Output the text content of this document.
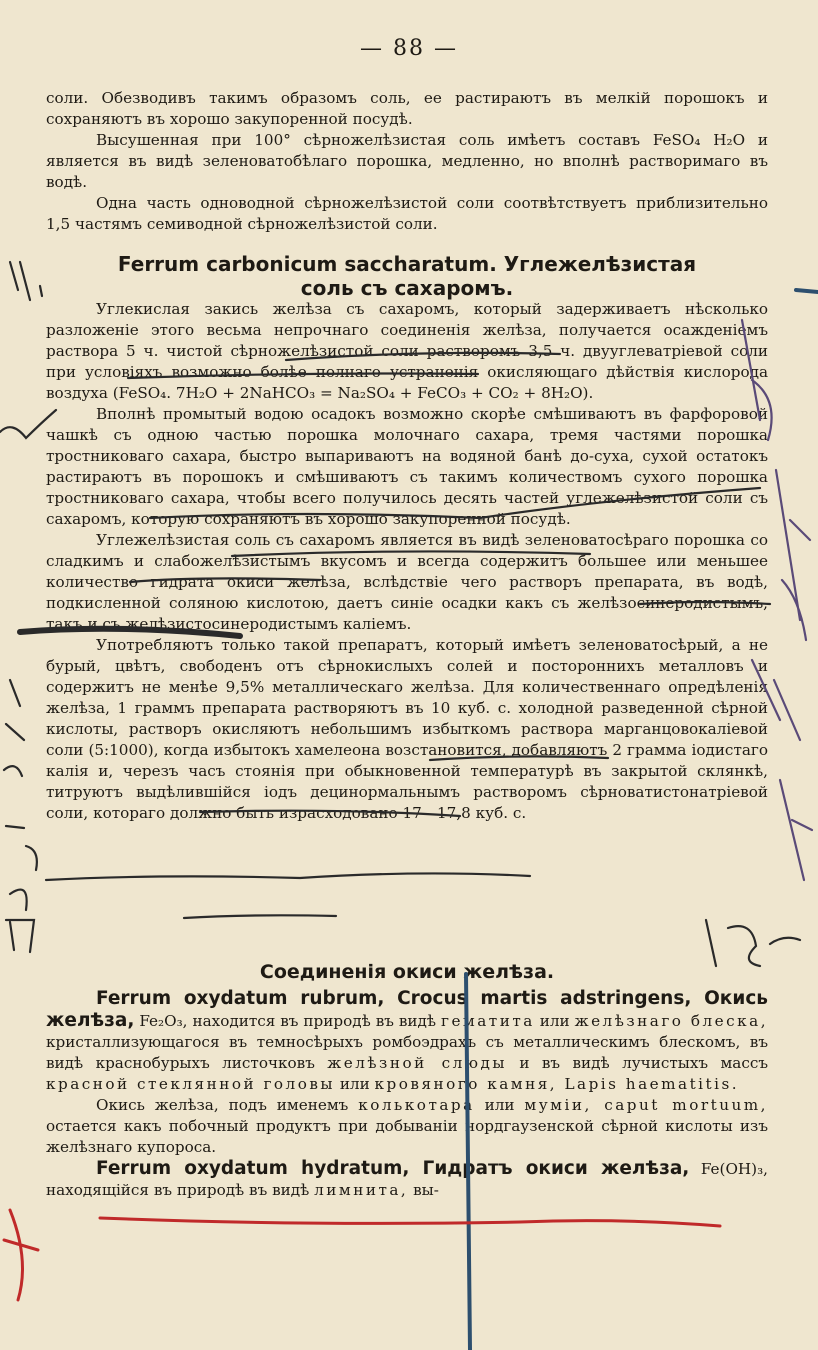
— 88 —

соли. Обезводивъ такимъ образомъ соль, ее растираютъ въ мелкій порошокъ и сохраняютъ въ хорошо закупоренной посудѣ.

Высушенная при 100° сѣрножелѣзистая соль имѣетъ составъ FeSO₄ H₂O и является въ видѣ зеленоватобѣлаго порошка, медленно, но вполнѣ растворимаго въ водѣ.

Одна часть одноводной сѣрножелѣзистой соли соотвѣтствуетъ приблизительно 1,5 частямъ семиводной сѣрножелѣзистой соли.

Ferrum carbonicum saccharatum. Углежелѣзистая
соль съ сахаромъ.

Углекислая закись желѣза съ сахаромъ, который задерживаетъ нѣсколько разложеніе этого весьма непрочнаго соединенія желѣза, получается осажденіемъ раствора 5 ч. чистой сѣрножелѣзистой соли растворомъ 3,5 ч. двууглеватріевой соли при условіяхъ возможно болѣе полнаго устраненія окисляющаго дѣйствія кислорода воздуха (FeSO₄. 7H₂O + 2NaHCO₃ = Na₂SO₄ + FeCO₃ + CO₂ + 8H₂O).

Вполнѣ промытый водою осадокъ возможно скорѣе смѣшиваютъ въ фарфоровой чашкѣ съ одною частью порошка молочнаго сахара, тремя частями порошка тростниковаго сахара, быстро выпариваютъ на водяной банѣ до-суха, сухой остатокъ растираютъ въ порошокъ и смѣшиваютъ съ такимъ количествомъ сухого порошка тростниковаго сахара, чтобы всего получилось десять частей углежелѣзистой соли съ сахаромъ, которую сохраняютъ въ хорошо закупоренной посудѣ.

Углежелѣзистая соль съ сахаромъ является въ видѣ зеленоватосѣраго порошка со сладкимъ и слабожелѣзистымъ вкусомъ и всегда содержитъ большее или меньшее количество гидрата окиси желѣза, вслѣдствіе чего растворъ препарата, въ водѣ, подкисленной соляною кислотою, даетъ синіе осадки какъ съ желѣзосинеродистымъ, такъ и съ желѣзистосинеродистымъ каліемъ.

Употребляютъ только такой препаратъ, который имѣетъ зеленоватосѣрый, а не бурый, цвѣтъ, свободенъ отъ сѣрнокислыхъ солей и постороннихъ металловъ и содержитъ не менѣе 9,5% металлическаго желѣза. Для количественнаго опредѣленія желѣза, 1 граммъ препарата растворяютъ въ 10 куб. с. холодной разведенной сѣрной кислоты, растворъ окисляютъ небольшимъ избыткомъ раствора марганцовокаліевой соли (5:1000), когда избытокъ хамелеона возстановится, добавляютъ 2 грамма іодистаго калія и, черезъ часъ стоянія при обыкновенной температурѣ въ закрытой склянкѣ, титруютъ выдѣлившійся іодъ децинормальнымъ растворомъ сѣрноватистонатріевой соли, котораго должно быть израсходовано 17—17,8 куб. с.

Соединенія окиси желѣза.

Ferrum oxydatum rubrum, Crocus martis adstringens, Окись желѣза, Fe₂O₃, находится въ природѣ въ видѣ гематита или желѣзнаго блеска, кристаллизующагося въ темносѣрыхъ ромбоэдрахъ съ металлическимъ блескомъ, въ видѣ краснобурыхъ листочковъ желѣзной слюды и въ видѣ лучистыхъ массъ красной стеклянной головы или кровяного камня, Lapis haematitis.

Окись желѣза, подъ именемъ колькотара или муміи, caput mortuum, остается какъ побочный продуктъ при добываніи нордгаузенской сѣрной кислоты изъ желѣзнаго купороса.

Ferrum oxydatum hydratum, Гидратъ окиси желѣза, Fe(OH)₃, находящійся въ природѣ въ видѣ лимнита, вы-
